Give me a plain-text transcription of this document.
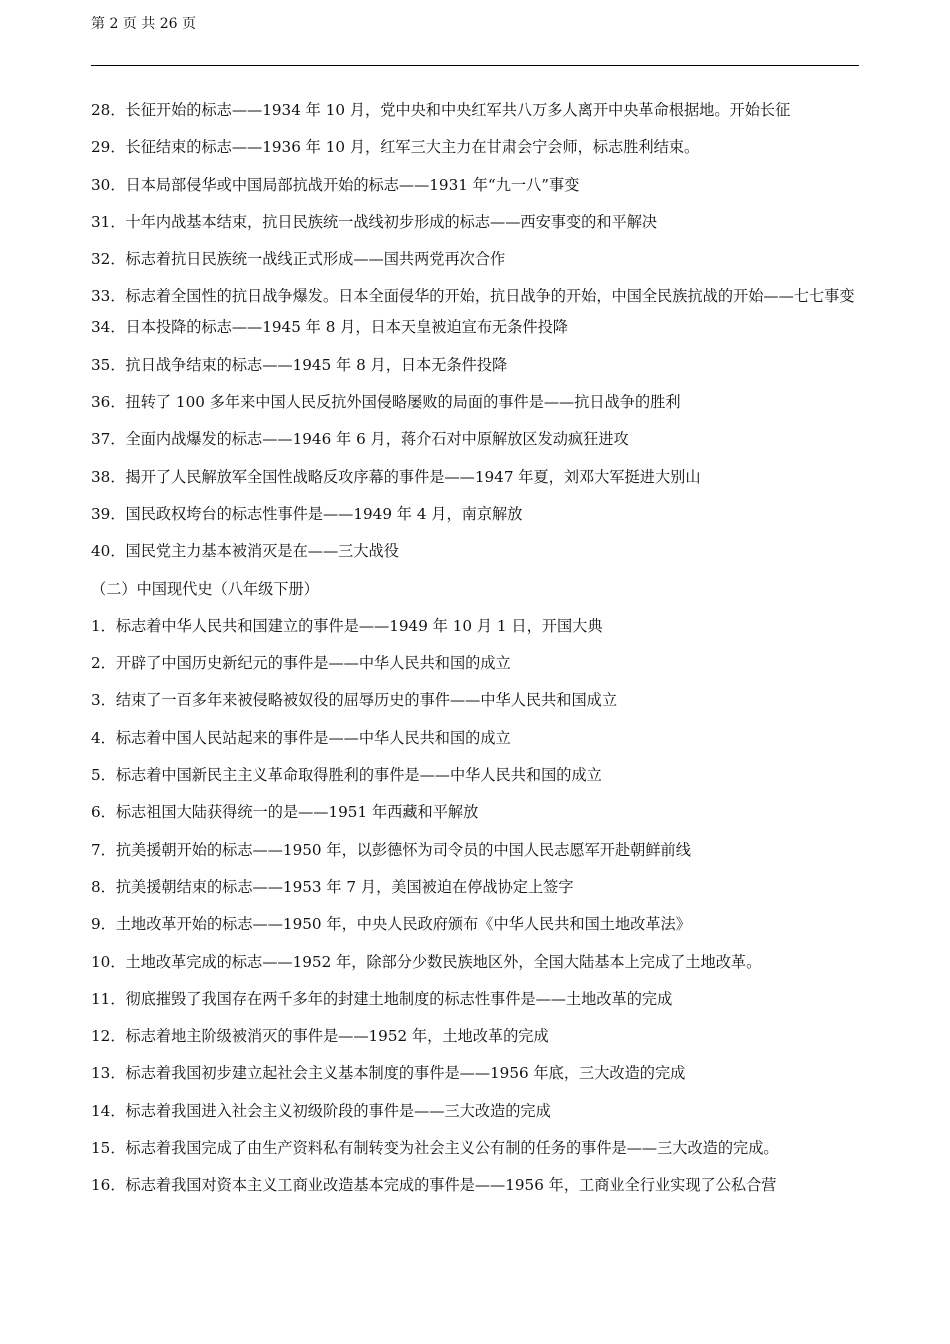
第 2 页 共 26 页

28．长征开始的标志——1934 年 10 月，党中央和中央红军共八万多人离开中央革命根据地。开始长征

29．长征结束的标志——1936 年 10 月，红军三大主力在甘肃会宁会师，标志胜利结束。

30．日本局部侵华或中国局部抗战开始的标志——1931 年“九一八”事变

31．十年内战基本结束，抗日民族统一战线初步形成的标志——西安事变的和平解决

32．标志着抗日民族统一战线正式形成——国共两党再次合作

33．标志着全国性的抗日战争爆发。日本全面侵华的开始，抗日战争的开始，中国全民族抗战的开始——七七事变

34．日本投降的标志——1945 年 8 月，日本天皇被迫宣布无条件投降

35．抗日战争结束的标志——1945 年 8 月，日本无条件投降

36．扭转了 100 多年来中国人民反抗外国侵略屡败的局面的事件是——抗日战争的胜利

37．全面内战爆发的标志——1946 年 6 月，蒋介石对中原解放区发动疯狂进攻

38．揭开了人民解放军全国性战略反攻序幕的事件是——1947 年夏，刘邓大军挺进大别山

39．国民政权垮台的标志性事件是——1949 年 4 月，南京解放

40．国民党主力基本被消灭是在——三大战役

（二）中国现代史（八年级下册）

1．标志着中华人民共和国建立的事件是——1949 年 10 月 1 日，开国大典

2．开辟了中国历史新纪元的事件是——中华人民共和国的成立

3．结束了一百多年来被侵略被奴役的屈辱历史的事件——中华人民共和国成立

4．标志着中国人民站起来的事件是——中华人民共和国的成立

5．标志着中国新民主主义革命取得胜利的事件是——中华人民共和国的成立

6．标志祖国大陆获得统一的是——1951 年西藏和平解放

7．抗美援朝开始的标志——1950 年，以彭德怀为司令员的中国人民志愿军开赴朝鲜前线

8．抗美援朝结束的标志——1953 年 7 月，美国被迫在停战协定上签字

9．土地改革开始的标志——1950 年，中央人民政府颁布《中华人民共和国土地改革法》

10．土地改革完成的标志——1952 年，除部分少数民族地区外，全国大陆基本上完成了土地改革。

11．彻底摧毁了我国存在两千多年的封建土地制度的标志性事件是——土地改革的完成

12．标志着地主阶级被消灭的事件是——1952 年，土地改革的完成

13．标志着我国初步建立起社会主义基本制度的事件是——1956 年底，三大改造的完成

14．标志着我国进入社会主义初级阶段的事件是——三大改造的完成

15．标志着我国完成了由生产资料私有制转变为社会主义公有制的任务的事件是——三大改造的完成。

16．标志着我国对资本主义工商业改造基本完成的事件是——1956 年，工商业全行业实现了公私合营
